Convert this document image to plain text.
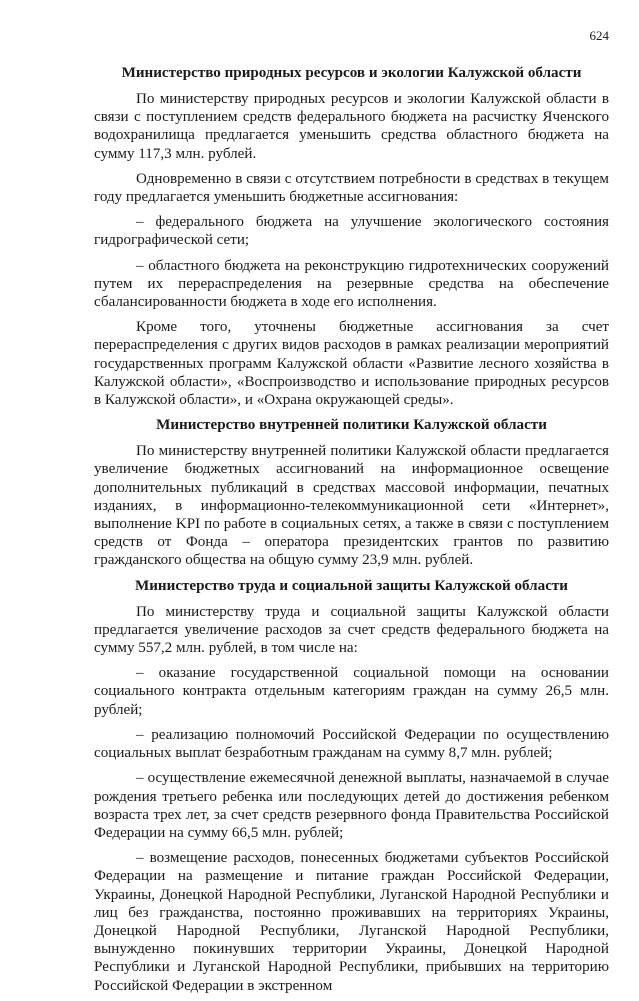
624
Министерство природных ресурсов и экологии Калужской области

По министерству природных ресурсов и экологии Калужской области в связи с поступлением средств федерального бюджета на расчистку Яченского водохранилища предлагается уменьшить средства областного бюджета на сумму 117,3 млн. рублей.

Одновременно в связи с отсутствием потребности в средствах в текущем году предлагается уменьшить бюджетные ассигнования:

– федерального бюджета на улучшение экологического состояния гидрографической сети;

– областного бюджета на реконструкцию гидротехнических сооружений путем их перераспределения на резервные средства на обеспечение сбалансированности бюджета в ходе его исполнения.

Кроме того, уточнены бюджетные ассигнования за счет перераспределения с других видов расходов в рамках реализации мероприятий государственных программ Калужской области «Развитие лесного хозяйства в Калужской области», «Воспроизводство и использование природных ресурсов в Калужской области», и «Охрана окружающей среды».

Министерство внутренней политики Калужской области

По министерству внутренней политики Калужской области предлагается увеличение бюджетных ассигнований на информационное освещение дополнительных публикаций в средствах массовой информации, печатных изданиях, в информационно-телекоммуникационной сети «Интернет», выполнение KPI по работе в социальных сетях, а также в связи с поступлением средств от Фонда – оператора президентских грантов по развитию гражданского общества на общую сумму 23,9 млн. рублей.

Министерство труда и социальной защиты Калужской области

По министерству труда и социальной защиты Калужской области предлагается увеличение расходов за счет средств федерального бюджета на сумму 557,2 млн. рублей, в том числе на:

– оказание государственной социальной помощи на основании социального контракта отдельным категориям граждан на сумму 26,5 млн. рублей;

– реализацию полномочий Российской Федерации по осуществлению социальных выплат безработным гражданам на сумму 8,7 млн. рублей;

– осуществление ежемесячной денежной выплаты, назначаемой в случае рождения третьего ребенка или последующих детей до достижения ребенком возраста трех лет, за счет средств резервного фонда Правительства Российской Федерации на сумму 66,5 млн. рублей;

– возмещение расходов, понесенных бюджетами субъектов Российской Федерации на размещение и питание граждан Российской Федерации, Украины, Донецкой Народной Республики, Луганской Народной Республики и лиц без гражданства, постоянно проживавших на территориях Украины, Донецкой Народной Республики, Луганской Народной Республики, вынужденно покинувших территории Украины, Донецкой Народной Республики и Луганской Народной Республики, прибывших на территорию Российской Федерации в экстренном
